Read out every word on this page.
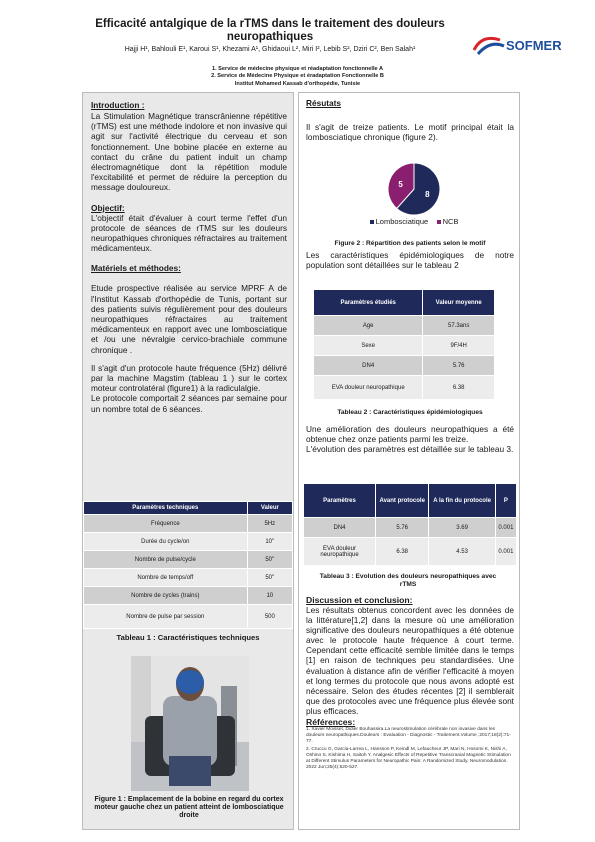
Efficacité antalgique de la rTMS dans le traitement des douleurs neuropathiques
Hajji H¹, Bahlouli E¹, Karoui S¹, Khezami A¹, Ghidaoui L², Miri I², Lebib S², Dziri C², Ben Salah¹	SOFMER
1. Service de médecine physique et réadaptation fonctionnelle A
2. Service de Médecine Physique et éradaptation Fonctionnelle B
Institut Mohamed Kassab d'orthopédie, Tunisie
Introduction :
La Stimulation Magnétique transcrânienne répétitive (rTMS) est une méthode indolore et non invasive qui agit sur l'activité électrique du cerveau et son fonctionnement. Une bobine placée en externe au contact du crâne du patient induit un champ électromagnétique dont la répétition module l'excitabilité et permet de réduire la perception du message douloureux.
Objectif:
L'objectif était d'évaluer à court terme l'effet d'un protocole de séances de rTMS sur les douleurs neuropathiques chroniques réfractaires au traitement médicamenteux.
Matériels et méthodes:
Etude prospective réalisée au service MPRF A de l'Institut Kassab d'orthopédie de Tunis, portant sur des patients suivis régulièrement pour des douleurs neuropathiques réfractaires au traitement médicamenteux en rapport avec une lombosciatique et /ou une névralgie cervico-brachiale commune chronique .
Il s'agit d'un protocole haute fréquence (5Hz) délivré par la machine Magstim (tableau 1 ) sur le cortex moteur controlatéral (figure1) à la radiculalgie.
Le protocole comportait 2 séances par semaine pour un nombre total de 6 séances.
Paramètres techniques	Valeur
Fréquence	5Hz
Durée du cycle/on	10''
Nombre de pulse/cycle	50''
Nombre de temps/off	50''
Nombre de cycles (trains)	10
Nombre de pulse par session	500
Tableau 1 : Caractéristiques techniques
Figure 1 : Emplacement de la bobine en regard du cortex moteur gauche chez un patient atteint de lombosciatique droite
Résutats
Il s'agit de treize patients. Le motif principal était la lombosciatique chronique (figure 2).
8
5
Lombosciatique NCB
Figure 2 : Répartition des patients selon le motif
Les caractéristiques épidémiologiques de notre population sont détaillées sur le tableau 2
Paramètres étudiés	Valeur moyenne
Age	57.3ans
Sexe	9F/4H
DN4	5.76
EVA douleur neuropathique	6.38
Tableau 2 : Caractéristiques épidémiologiques
Une amélioration des douleurs neuropathiques a été obtenue chez onze patients parmi les treize.
L'évolution des paramètres est détaillée sur le tableau 3.
Paramètres	Avant protocole	A la fin du protocole	P
DN4	5.76	3.69	0.001
EVA douleur neuropathique	6.38	4.53	0.001
Tableau 3 : Evolution des douleurs neuropathiques avec rTMS
Discussion et conclusion:
Les résultats obtenus concordent avec les données de la littérature[1,2] dans la mesure où une amélioration significative des douleurs neuropathiques a été obtenue avec le protocole haute fréquence à court terme. Cependant cette efficacité semble limitée dans le temps [1] en raison de techniques peu standardisées. Une évaluation à distance afin de vérifier l'efficacité à moyen et long termes du protocole que nous avons adopté est nécessaire. Selon des études récentes [2] il semblerait que des protocoles avec une fréquence plus élevée sont plus efficaces.
Références:
1. Xavier Moisset, Didier Bouhassira.La neurostimulation cérébrale non invasive dans les douleurs neuropathiques.Douleurs : Evaluation - Diagnostic - Traitement.Volume ;2017;18(2):71-77.
2. Cruccu G, Garcia-Larrea L, Hansson P, Keindl M, Lefaucheur JP, Mari N, Hosomi K, Nishi A, Oshino S, Kishima H, Saitoh Y. Analgesic Effects of Repetitive Transcranial Magnetic Stimulation at Different Stimulus Parameters for Neuropathic Pain: A Randomized Study. Neuromodulation. 2022 Jun;25(4):520-527.
